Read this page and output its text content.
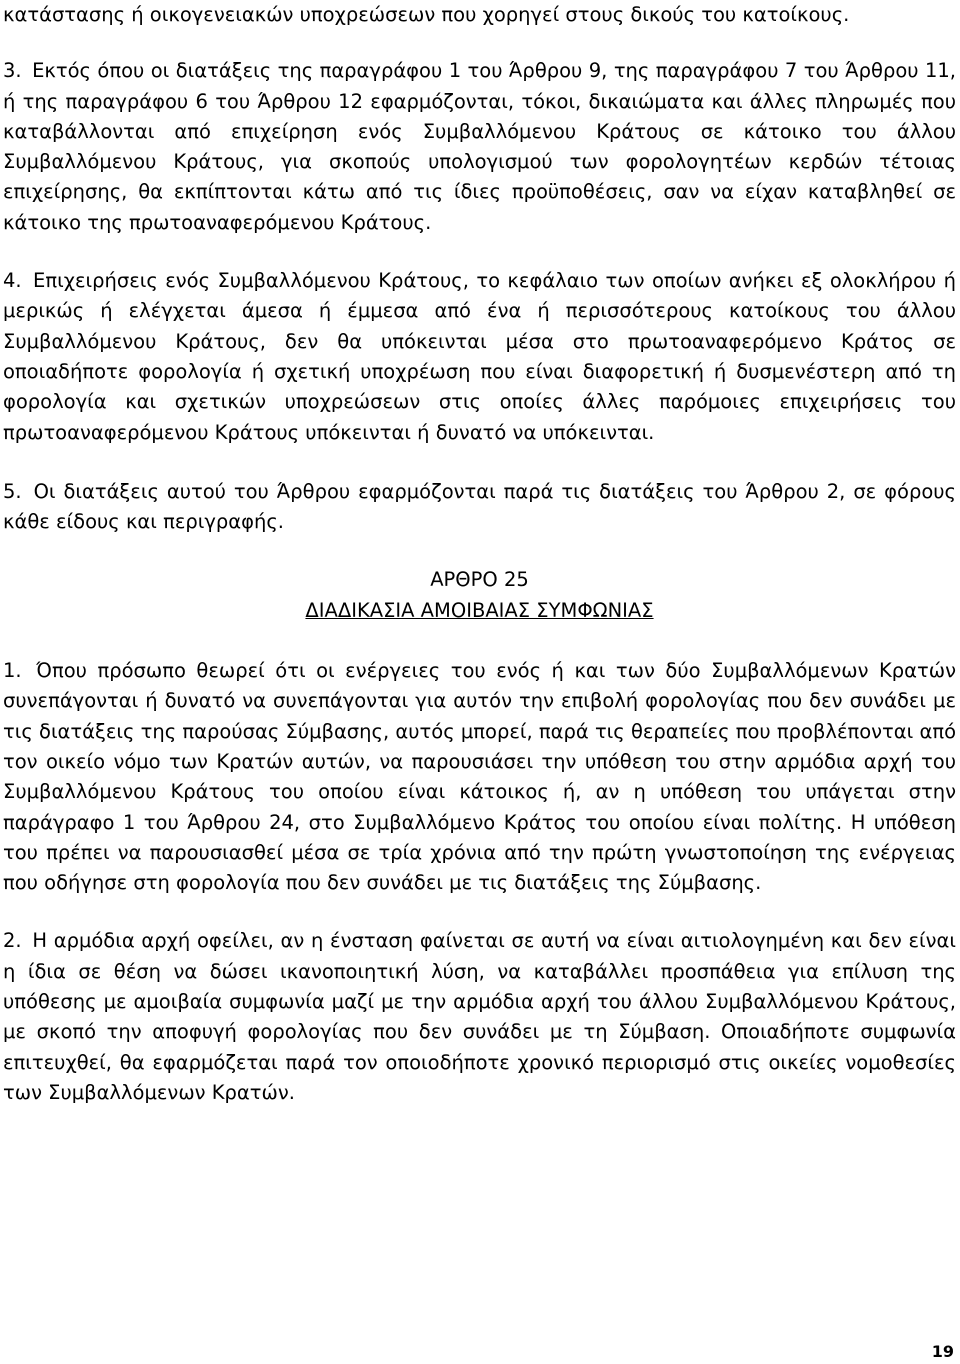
κατάστασης ή οικογενειακών υποχρεώσεων που χορηγεί στους δικούς του κατοίκους.

3. Εκτός όπου οι διατάξεις της παραγράφου 1 του Άρθρου 9, της παραγράφου 7 του Άρθρου 11, ή της παραγράφου 6 του Άρθρου 12 εφαρμόζονται, τόκοι, δικαιώματα και άλλες πληρωμές που καταβάλλονται από επιχείρηση ενός Συμβαλλόμενου Κράτους σε κάτοικο του άλλου Συμβαλλόμενου Κράτους, για σκοπούς υπολογισμού των φορολογητέων κερδών τέτοιας επιχείρησης, θα εκπίπτονται κάτω από τις ίδιες προϋποθέσεις, σαν να είχαν καταβληθεί σε κάτοικο της πρωτοαναφερόμενου Κράτους.

4. Επιχειρήσεις ενός Συμβαλλόμενου Κράτους, το κεφάλαιο των οποίων ανήκει εξ ολοκλήρου ή μερικώς ή ελέγχεται άμεσα ή έμμεσα από ένα ή περισσότερους κατοίκους του άλλου Συμβαλλόμενου Κράτους, δεν θα υπόκεινται μέσα στο πρωτοαναφερόμενο Κράτος σε οποιαδήποτε φορολογία ή σχετική υποχρέωση που είναι διαφορετική ή δυσμενέστερη από τη φορολογία και σχετικών υποχρεώσεων στις οποίες άλλες παρόμοιες επιχειρήσεις του πρωτοαναφερόμενου Κράτους υπόκεινται ή δυνατό να υπόκεινται.

5. Οι διατάξεις αυτού του Άρθρου εφαρμόζονται παρά τις διατάξεις του Άρθρου 2, σε φόρους κάθε είδους και περιγραφής.

ΑΡΘΡΟ 25
ΔΙΑΔΙΚΑΣΙΑ ΑΜΟΙΒΑΙΑΣ ΣΥΜΦΩΝΙΑΣ

1. Όπου πρόσωπο θεωρεί ότι οι ενέργειες του ενός ή και των δύο Συμβαλλόμενων Κρατών συνεπάγονται ή δυνατό να συνεπάγονται για αυτόν την επιβολή φορολογίας που δεν συνάδει με τις διατάξεις της παρούσας Σύμβασης, αυτός μπορεί, παρά τις θεραπείες που προβλέπονται από τον οικείο νόμο των Κρατών αυτών, να παρουσιάσει την υπόθεση του στην αρμόδια αρχή του Συμβαλλόμενου Κράτους του οποίου είναι κάτοικος ή, αν η υπόθεση του υπάγεται στην παράγραφο 1 του Άρθρου 24, στο Συμβαλλόμενο Κράτος του οποίου είναι πολίτης. Η υπόθεση του πρέπει να παρουσιασθεί μέσα σε τρία χρόνια από την πρώτη γνωστοποίηση της ενέργειας που οδήγησε στη φορολογία που δεν συνάδει με τις διατάξεις της Σύμβασης.

2. Η αρμόδια αρχή οφείλει, αν η ένσταση φαίνεται σε αυτή να είναι αιτιολογημένη και δεν είναι η ίδια σε θέση να δώσει ικανοποιητική λύση, να καταβάλλει προσπάθεια για επίλυση της υπόθεσης με αμοιβαία συμφωνία μαζί με την αρμόδια αρχή του άλλου Συμβαλλόμενου Κράτους, με σκοπό την αποφυγή φορολογίας που δεν συνάδει με τη Σύμβαση. Οποιαδήποτε συμφωνία επιτευχθεί, θα εφαρμόζεται παρά τον οποιοδήποτε χρονικό περιορισμό στις οικείες νομοθεσίες των Συμβαλλόμενων Κρατών.

19
